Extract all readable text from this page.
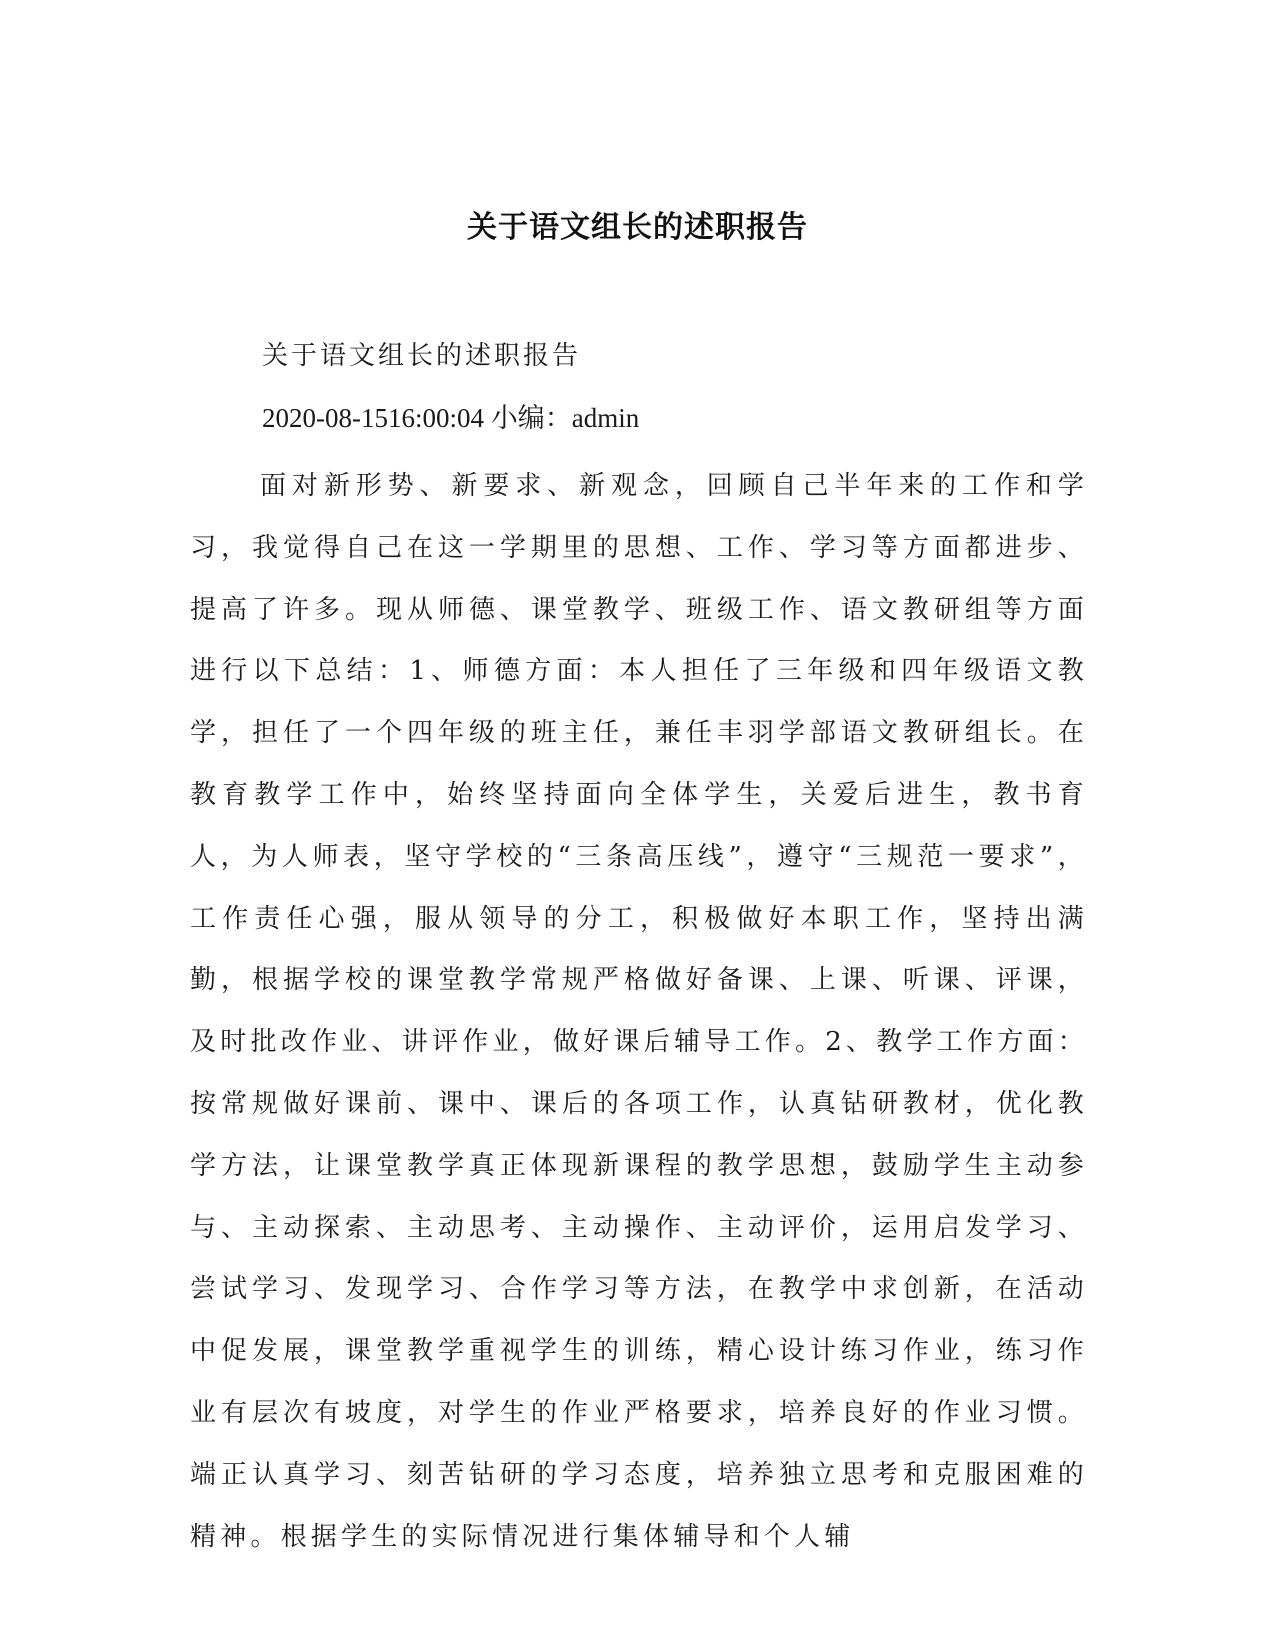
关于语文组长的述职报告
关于语文组长的述职报告
2020-08-1516:00:04 小编：admin

面对新形势、新要求、新观念，回顾自己半年来的工作和学习，我觉得自己在这一学期里的思想、工作、学习等方面都进步、提高了许多。现从师德、课堂教学、班级工作、语文教研组等方面进行以下总结：1、师德方面：本人担任了三年级和四年级语文教学，担任了一个四年级的班主任，兼任丰羽学部语文教研组长。在教育教学工作中，始终坚持面向全体学生，关爱后进生，教书育人，为人师表，坚守学校的“三条高压线”，遵守“三规范一要求”，工作责任心强，服从领导的分工，积极做好本职工作，坚持出满勤，根据学校的课堂教学常规严格做好备课、上课、听课、评课，及时批改作业、讲评作业，做好课后辅导工作。2、教学工作方面：按常规做好课前、课中、课后的各项工作，认真钻研教材，优化教学方法，让课堂教学真正体现新课程的教学思想，鼓励学生主动参与、主动探索、主动思考、主动操作、主动评价，运用启发学习、尝试学习、发现学习、合作学习等方法，在教学中求创新，在活动中促发展，课堂教学重视学生的训练，精心设计练习作业，练习作业有层次有坡度，对学生的作业严格要求，培养良好的作业习惯。端正认真学习、刻苦钻研的学习态度，培养独立思考和克服困难的精神。根据学生的实际情况进行集体辅导和个人辅
